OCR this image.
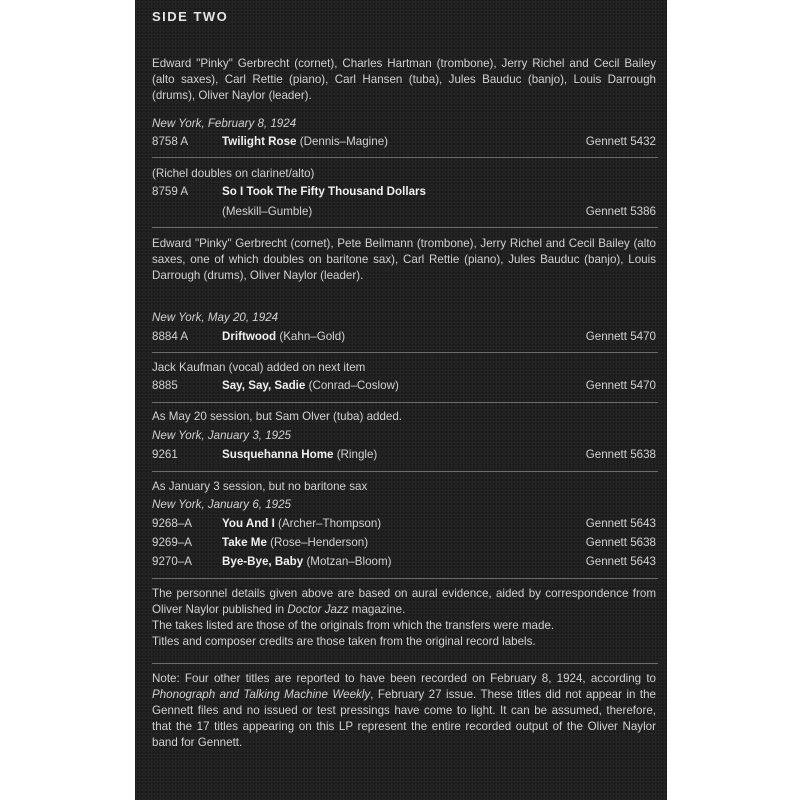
SIDE TWO
Edward "Pinky" Gerbrecht (cornet), Charles Hartman (trombone), Jerry Richel and Cecil Bailey (alto saxes), Carl Rettie (piano), Carl Hansen (tuba), Jules Bauduc (banjo), Louis Darrough (drums), Oliver Naylor (leader).
New York, February 8, 1924
8758 A	Twilight Rose (Dennis–Magine)	Gennett 5432
(Richel doubles on clarinet/alto)
8759 A	So I Took The Fifty Thousand Dollars
(Meskill–Gumble)	Gennett 5386
Edward "Pinky" Gerbrecht (cornet), Pete Beilmann (trombone), Jerry Richel and Cecil Bailey (alto saxes, one of which doubles on baritone sax), Carl Rettie (piano), Jules Bauduc (banjo), Louis Darrough (drums), Oliver Naylor (leader).
New York, May 20, 1924
8884 A	Driftwood (Kahn–Gold)	Gennett 5470
Jack Kaufman (vocal) added on next item
8885	Say, Say, Sadie (Conrad–Coslow)	Gennett 5470
As May 20 session, but Sam Olver (tuba) added.
New York, January 3, 1925
9261	Susquehanna Home (Ringle)	Gennett 5638
As January 3 session, but no baritone sax
New York, January 6, 1925
9268–A	You And I (Archer–Thompson)	Gennett 5643
9269–A	Take Me (Rose–Henderson)	Gennett 5638
9270–A	Bye-Bye, Baby (Motzan–Bloom)	Gennett 5643
The personnel details given above are based on aural evidence, aided by correspondence from Oliver Naylor published in Doctor Jazz magazine.
The takes listed are those of the originals from which the transfers were made.
Titles and composer credits are those taken from the original record labels.
Note: Four other titles are reported to have been recorded on February 8, 1924, according to Phonograph and Talking Machine Weekly, February 27 issue. These titles did not appear in the Gennett files and no issued or test pressings have come to light. It can be assumed, therefore, that the 17 titles appearing on this LP represent the entire recorded output of the Oliver Naylor band for Gennett.
